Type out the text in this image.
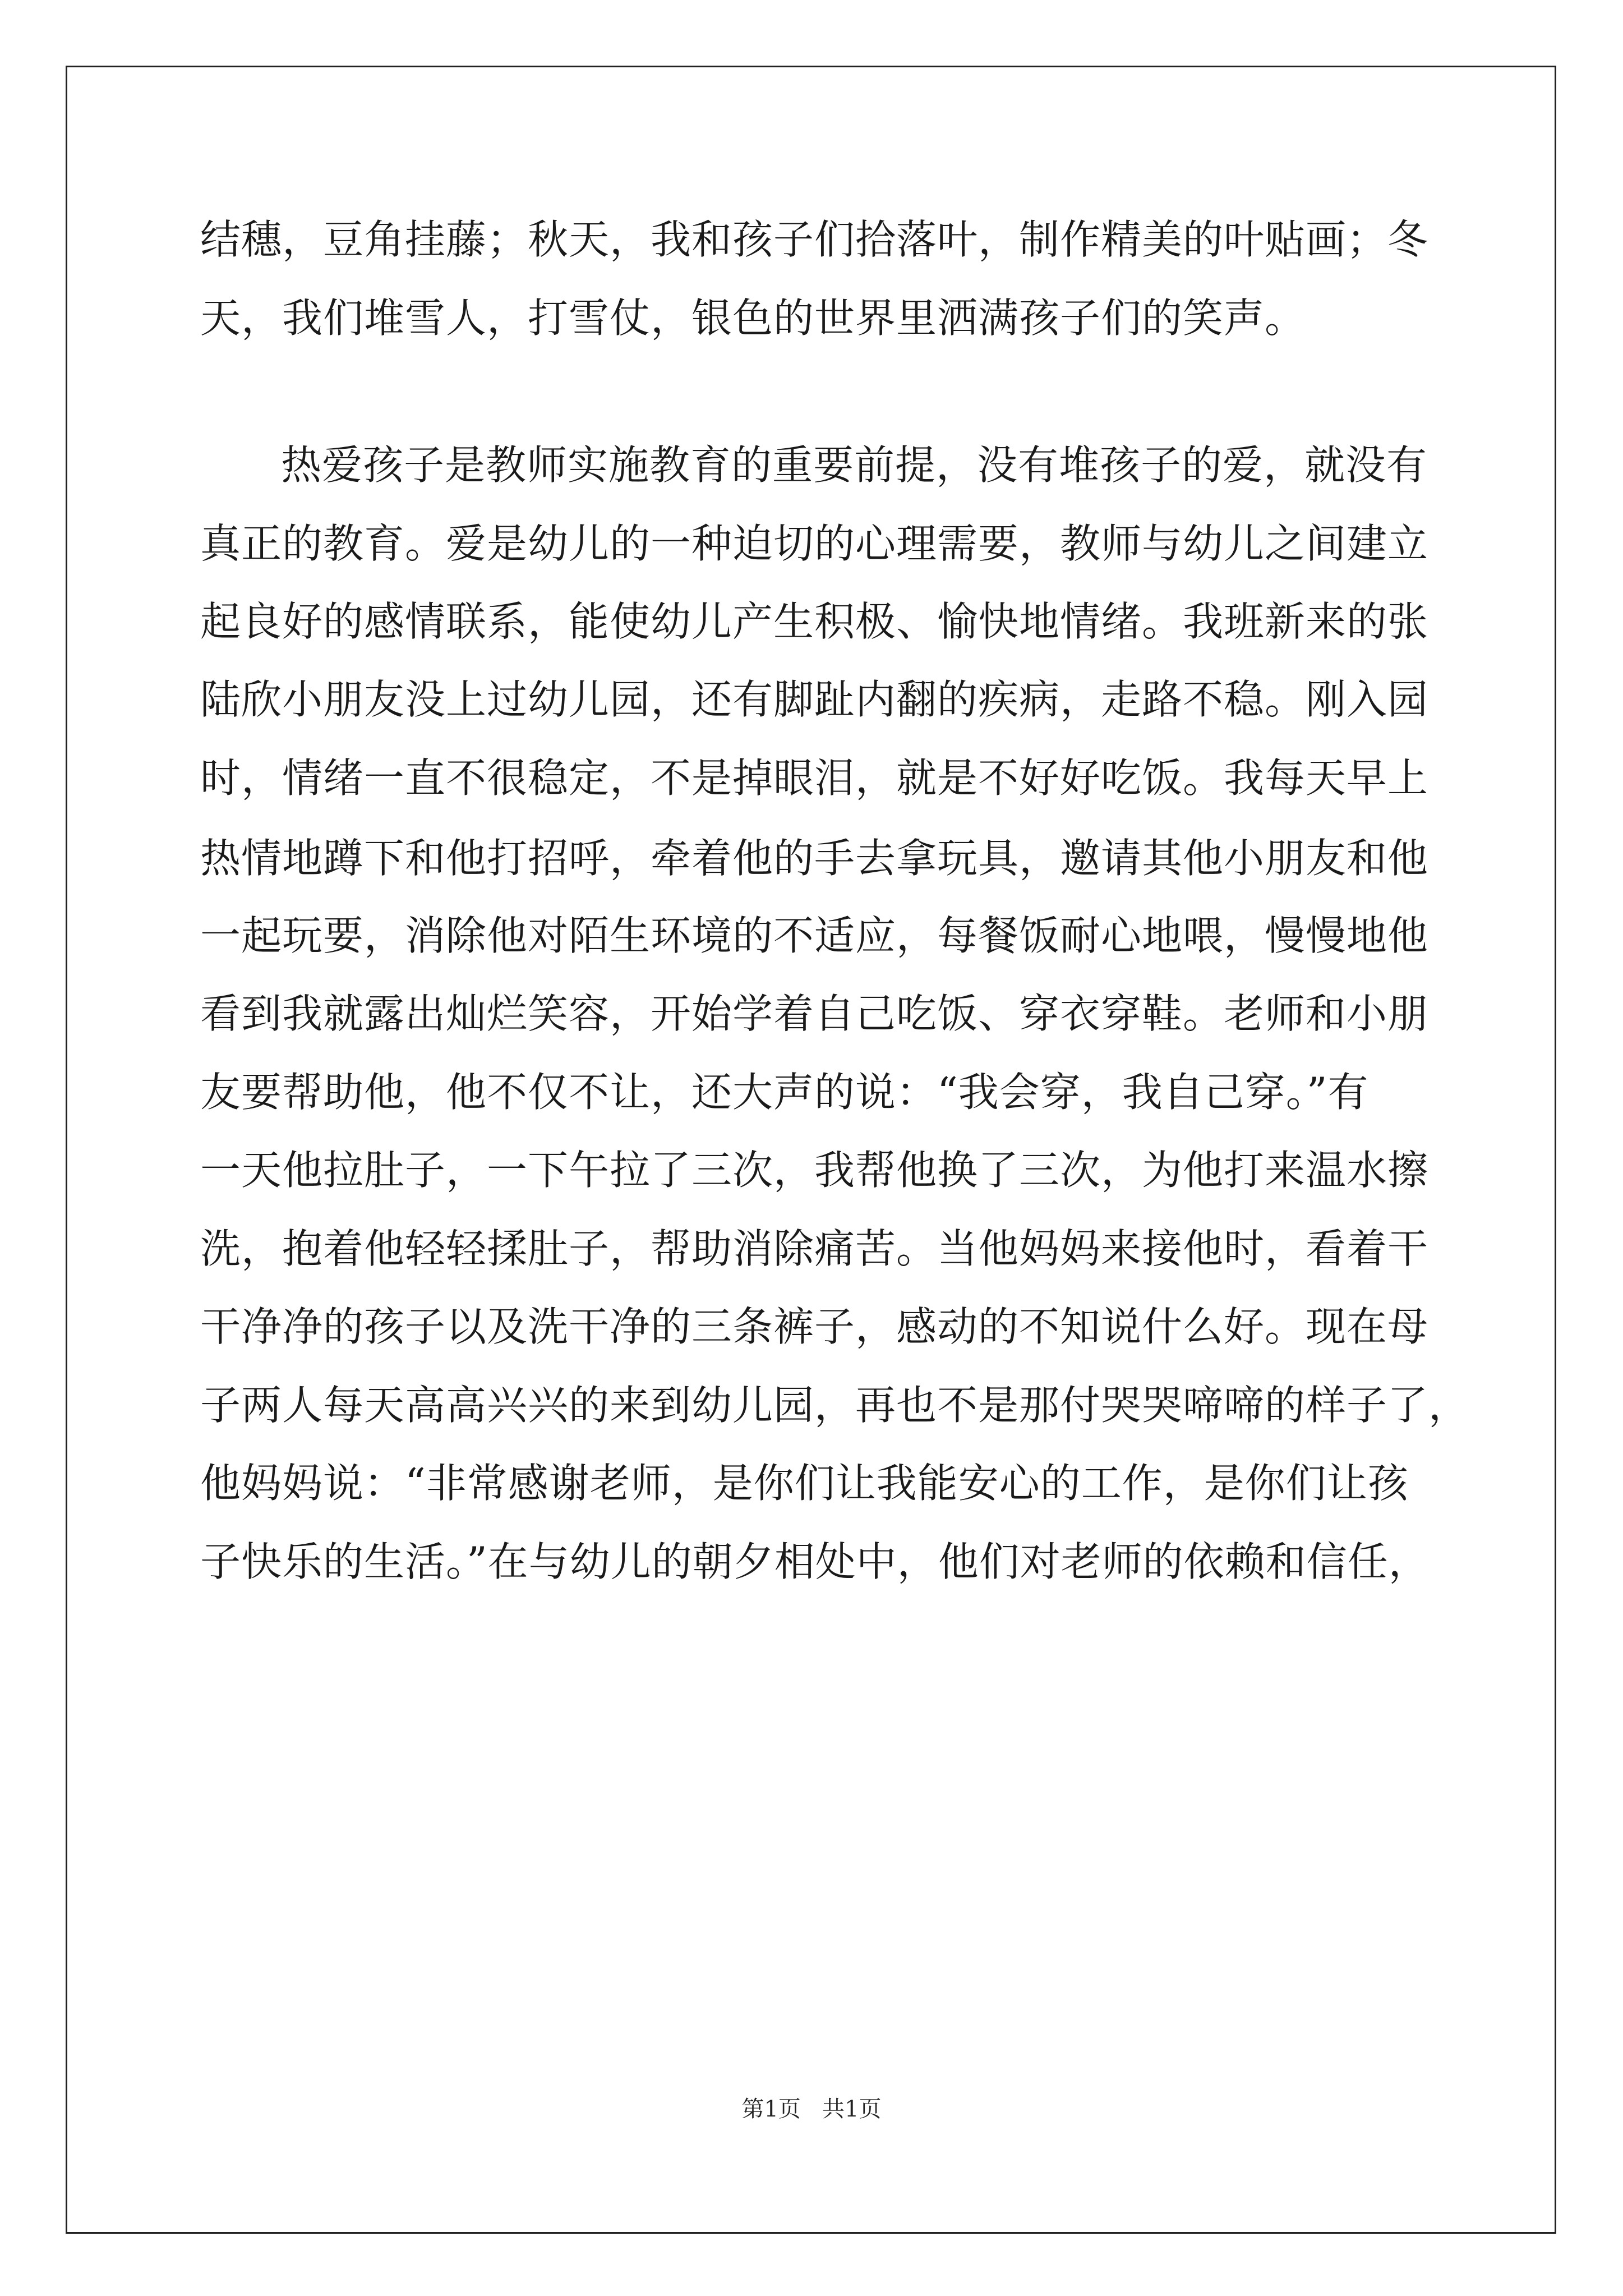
结穗，豆角挂藤；秋天，我和孩子们拾落叶，制作精美的叶贴画；冬
天，我们堆雪人，打雪仗，银色的世界里洒满孩子们的笑声。
热爱孩子是教师实施教育的重要前提，没有堆孩子的爱，就没有
真正的教育。爱是幼儿的一种迫切的心理需要，教师与幼儿之间建立
起良好的感情联系，能使幼儿产生积极、愉快地情绪。我班新来的张
陆欣小朋友没上过幼儿园，还有脚趾内翻的疾病，走路不稳。刚入园
时，情绪一直不很稳定，不是掉眼泪，就是不好好吃饭。我每天早上
热情地蹲下和他打招呼，牵着他的手去拿玩具，邀请其他小朋友和他
一起玩要，消除他对陌生环境的不适应，每餐饭耐心地喂，慢慢地他
看到我就露出灿烂笑容，开始学着自己吃饭、穿衣穿鞋。老师和小朋
友要帮助他，他不仅不让，还大声的说：“我会穿，我自己穿。”有
一天他拉肚子，一下午拉了三次，我帮他换了三次，为他打来温水擦
洗，抱着他轻轻揉肚子，帮助消除痛苦。当他妈妈来接他时，看着干
干净净的孩子以及洗干净的三条裤子，感动的不知说什么好。现在母
子两人每天高高兴兴的来到幼儿园，再也不是那付哭哭啼啼的样子了，
他妈妈说：“非常感谢老师，是你们让我能安心的工作，是你们让孩
子快乐的生活。”在与幼儿的朝夕相处中，他们对老师的依赖和信任，
第1页   共1页
